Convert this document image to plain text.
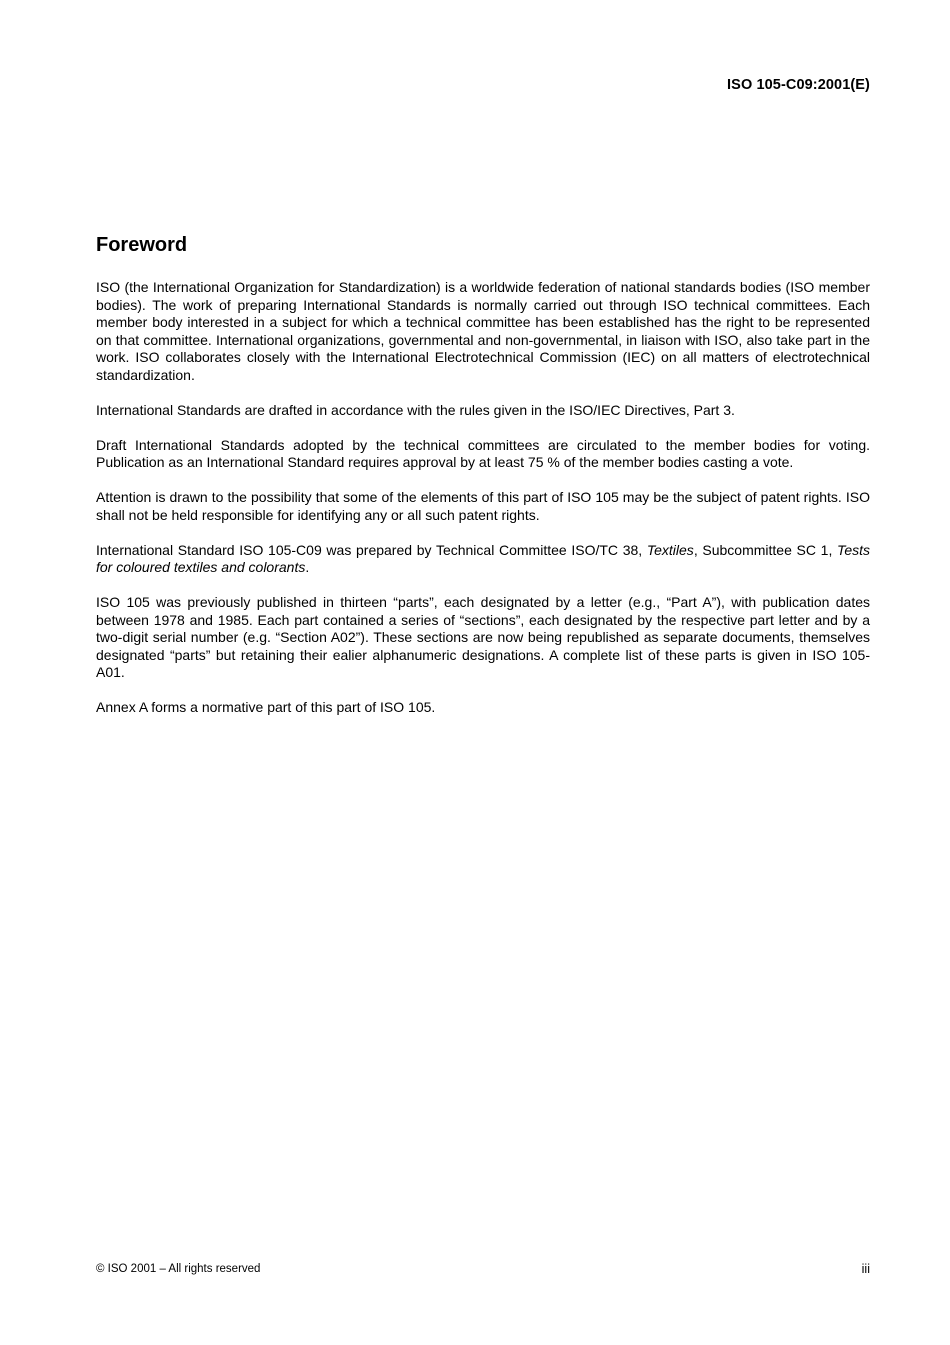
ISO 105-C09:2001(E)
Foreword

ISO (the International Organization for Standardization) is a worldwide federation of national standards bodies (ISO member bodies). The work of preparing International Standards is normally carried out through ISO technical committees. Each member body interested in a subject for which a technical committee has been established has the right to be represented on that committee. International organizations, governmental and non-governmental, in liaison with ISO, also take part in the work. ISO collaborates closely with the International Electrotechnical Commission (IEC) on all matters of electrotechnical standardization.

International Standards are drafted in accordance with the rules given in the ISO/IEC Directives, Part 3.

Draft International Standards adopted by the technical committees are circulated to the member bodies for voting. Publication as an International Standard requires approval by at least 75 % of the member bodies casting a vote.

Attention is drawn to the possibility that some of the elements of this part of ISO 105 may be the subject of patent rights. ISO shall not be held responsible for identifying any or all such patent rights.

International Standard ISO 105-C09 was prepared by Technical Committee ISO/TC 38, Textiles, Subcommittee SC 1, Tests for coloured textiles and colorants.

ISO 105 was previously published in thirteen “parts”, each designated by a letter (e.g., “Part A”), with publication dates between 1978 and 1985. Each part contained a series of “sections”, each designated by the respective part letter and by a two-digit serial number (e.g. “Section A02”). These sections are now being republished as separate documents, themselves designated “parts” but retaining their ealier alphanumeric designations. A complete list of these parts is given in ISO 105-A01.

Annex A forms a normative part of this part of ISO 105.

© ISO 2001 – All rights reserved	iii
